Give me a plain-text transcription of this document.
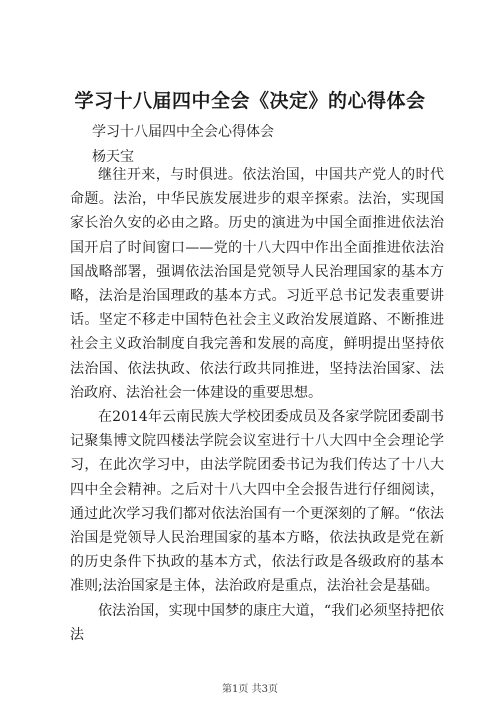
学习十八届四中全会《决定》的心得体会
学习十八届四中全会心得体会
杨天宝

继往开来，与时俱进。依法治国，中国共产党人的时代命题。法治，中华民族发展进步的艰辛探索。法治，实现国家长治久安的必由之路。历史的演进为中国全面推进依法治国开启了时间窗口——党的十八大四中作出全面推进依法治国战略部署，强调依法治国是党领导人民治理国家的基本方略，法治是治国理政的基本方式。习近平总书记发表重要讲话。坚定不移走中国特色社会主义政治发展道路、不断推进社会主义政治制度自我完善和发展的高度，鲜明提出坚持依法治国、依法执政、依法行政共同推进，坚持法治国家、法治政府、法治社会一体建设的重要思想。

在2014年云南民族大学校团委成员及各家学院团委副书记聚集博文院四楼法学院会议室进行十八大四中全会理论学习，在此次学习中，由法学院团委书记为我们传达了十八大四中全会精神。之后对十八大四中全会报告进行仔细阅读，通过此次学习我们都对依法治国有一个更深刻的了解。“依法治国是党领导人民治理国家的基本方略，依法执政是党在新的历史条件下执政的基本方式，依法行政是各级政府的基本准则;法治国家是主体，法治政府是重点，法治社会是基础。

依法治国，实现中国梦的康庄大道，“我们必须坚持把依法

第1页 共3页
